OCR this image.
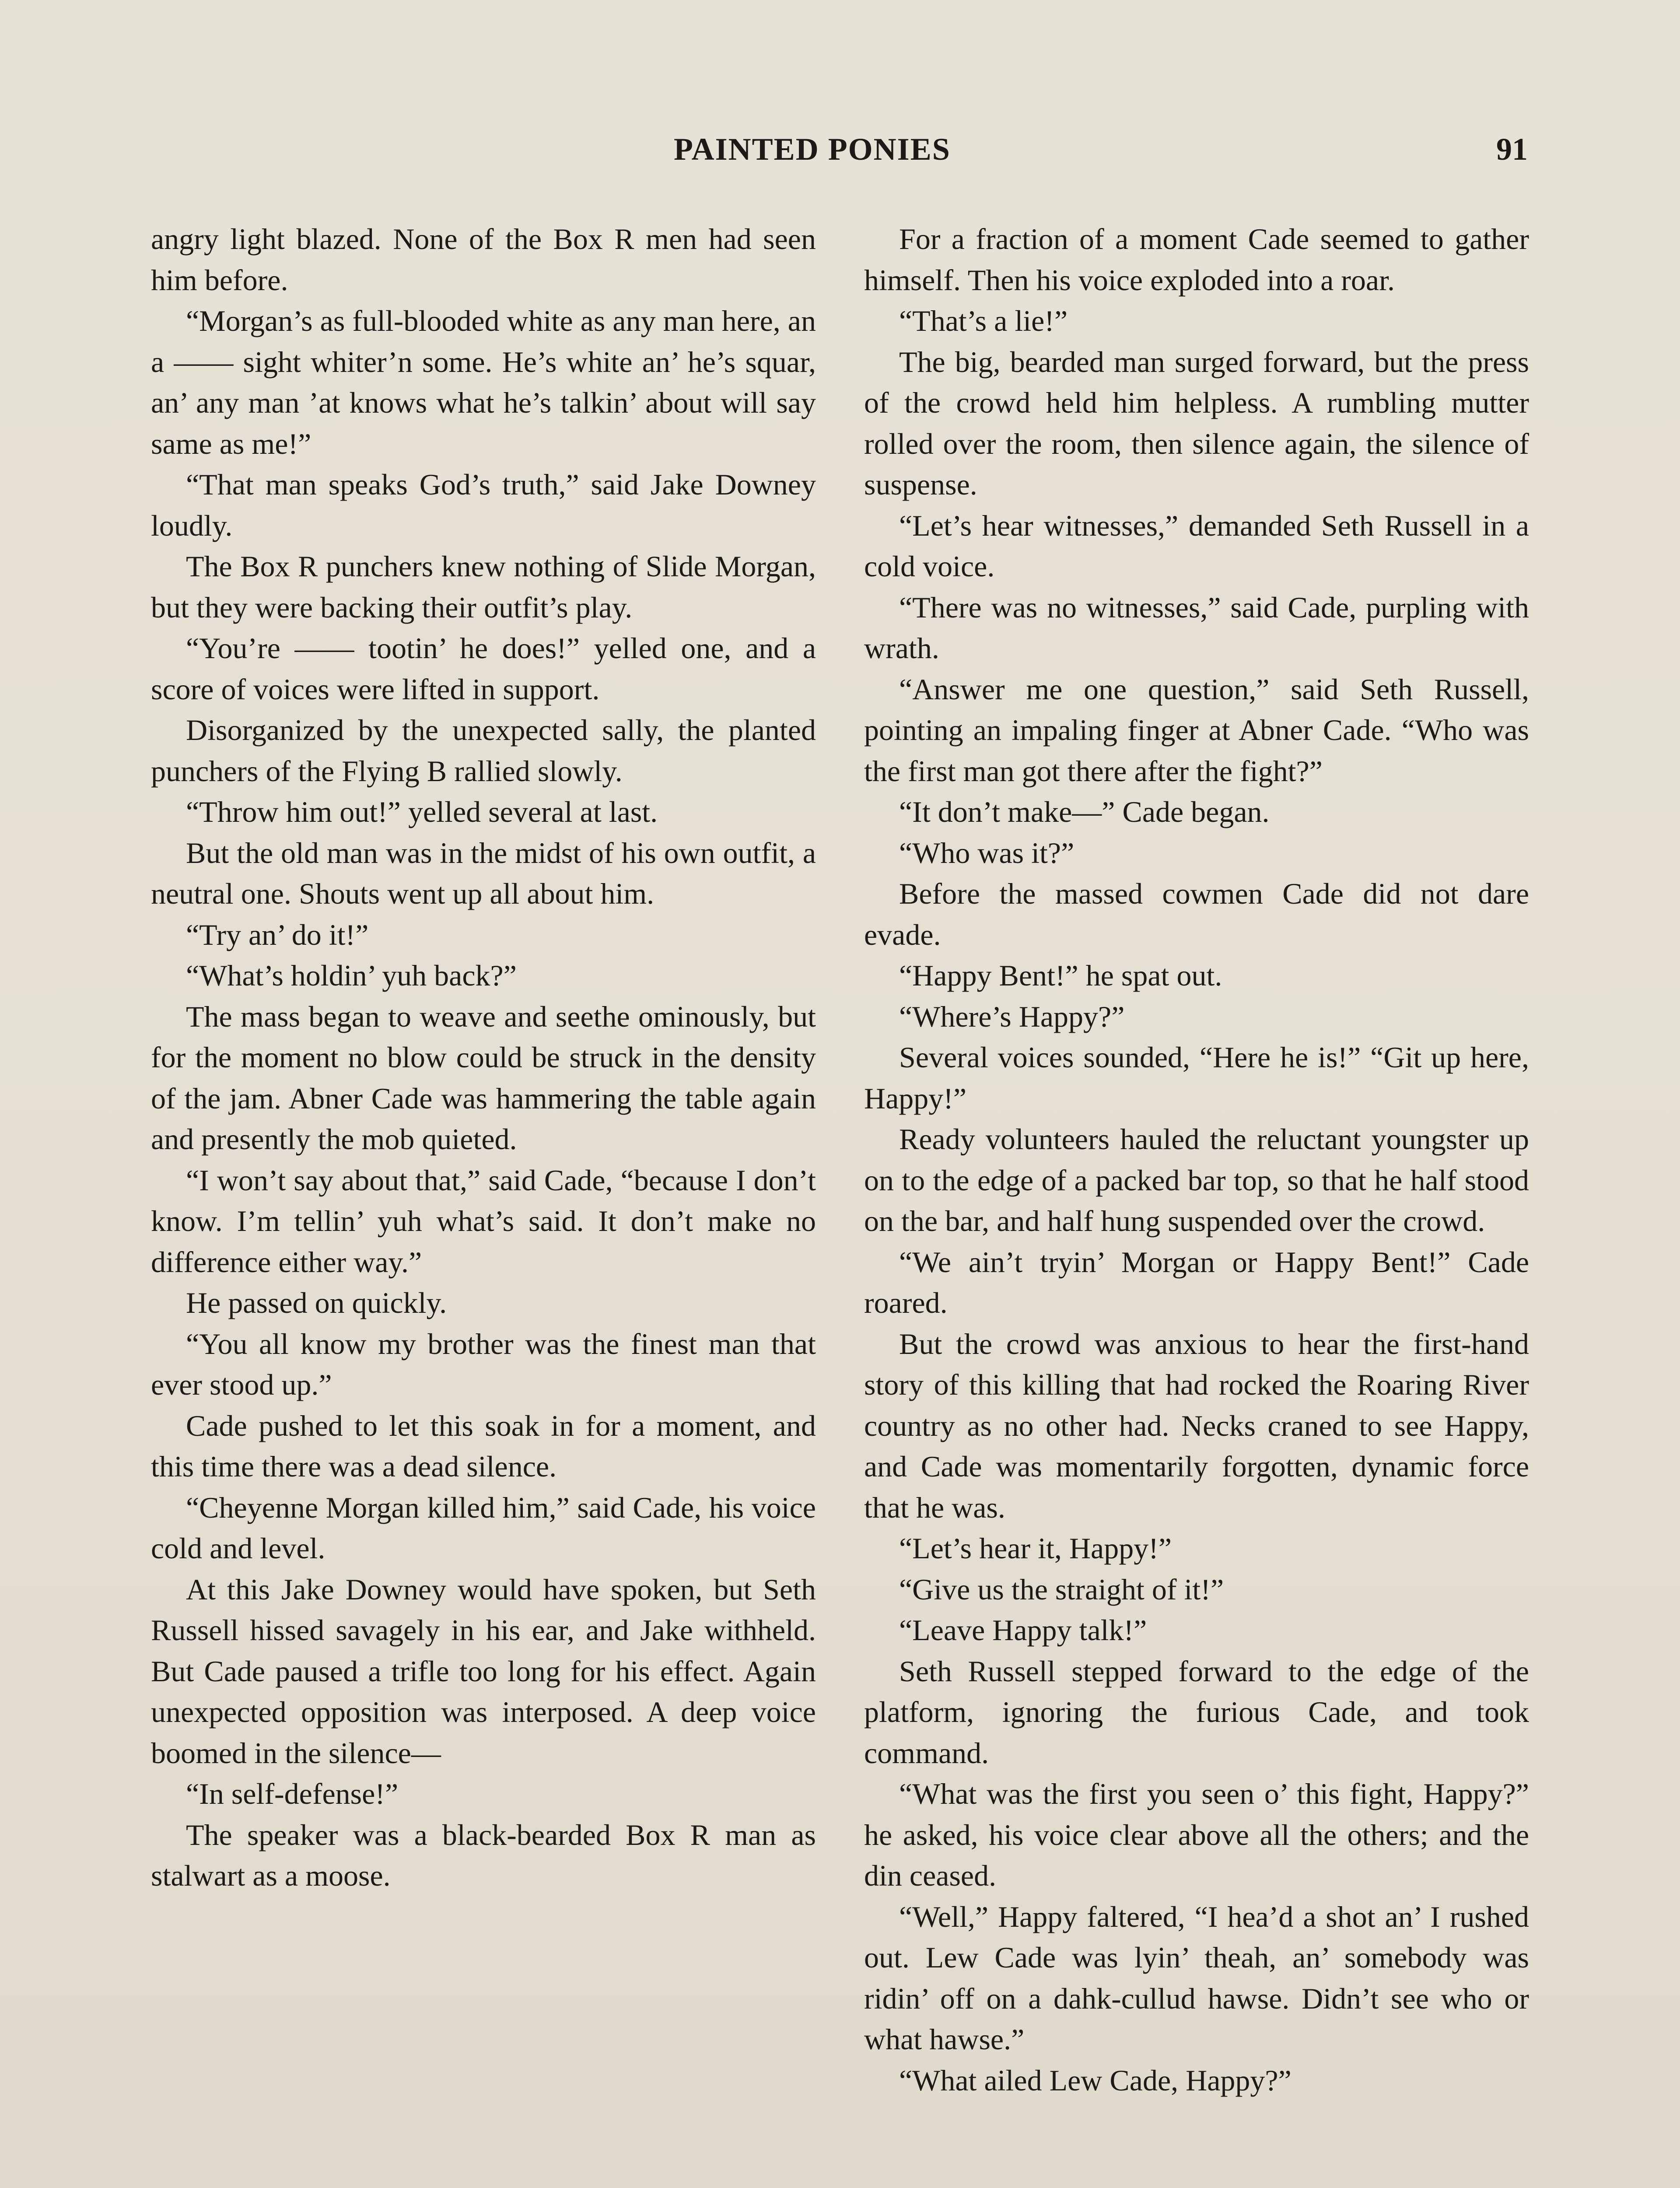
PAINTED PONIES	91

angry light blazed. None of the Box R men had seen him before.

“Morgan’s as full-blooded white as any man here, an a —— sight whiter’n some. He’s white an’ he’s squar, an’ any man ’at knows what he’s talkin’ about will say same as me!”

“That man speaks God’s truth,” said Jake Downey loudly.

The Box R punchers knew nothing of Slide Morgan, but they were backing their outfit’s play.

“You’re —— tootin’ he does!” yelled one, and a score of voices were lifted in support.

Disorganized by the unexpected sally, the planted punchers of the Flying B rallied slowly.

“Throw him out!” yelled several at last.

But the old man was in the midst of his own outfit, a neutral one. Shouts went up all about him.

“Try an’ do it!”

“What’s holdin’ yuh back?”

The mass began to weave and seethe ominously, but for the moment no blow could be struck in the density of the jam. Abner Cade was hammering the table again and presently the mob quieted.

“I won’t say about that,” said Cade, “because I don’t know. I’m tellin’ yuh what’s said. It don’t make no difference either way.”

He passed on quickly.

“You all know my brother was the finest man that ever stood up.”

Cade pushed to let this soak in for a moment, and this time there was a dead silence.

“Cheyenne Morgan killed him,” said Cade, his voice cold and level.

At this Jake Downey would have spoken, but Seth Russell hissed savagely in his ear, and Jake withheld. But Cade paused a trifle too long for his effect. Again unexpected opposition was interposed. A deep voice boomed in the silence—

“In self-defense!”

The speaker was a black-bearded Box R man as stalwart as a moose.

For a fraction of a moment Cade seemed to gather himself. Then his voice exploded into a roar.

“That’s a lie!”

The big, bearded man surged forward, but the press of the crowd held him helpless. A rumbling mutter rolled over the room, then silence again, the silence of suspense.

“Let’s hear witnesses,” demanded Seth Russell in a cold voice.

“There was no witnesses,” said Cade, purpling with wrath.

“Answer me one question,” said Seth Russell, pointing an impaling finger at Abner Cade. “Who was the first man got there after the fight?”

“It don’t make—” Cade began.

“Who was it?”

Before the massed cowmen Cade did not dare evade.

“Happy Bent!” he spat out.

“Where’s Happy?”

Several voices sounded, “Here he is!” “Git up here, Happy!”

Ready volunteers hauled the reluctant youngster up on to the edge of a packed bar top, so that he half stood on the bar, and half hung suspended over the crowd.

“We ain’t tryin’ Morgan or Happy Bent!” Cade roared.

But the crowd was anxious to hear the first-hand story of this killing that had rocked the Roaring River country as no other had. Necks craned to see Happy, and Cade was momentarily forgotten, dynamic force that he was.

“Let’s hear it, Happy!”

“Give us the straight of it!”

“Leave Happy talk!”

Seth Russell stepped forward to the edge of the platform, ignoring the furious Cade, and took command.

“What was the first you seen o’ this fight, Happy?” he asked, his voice clear above all the others; and the din ceased.

“Well,” Happy faltered, “I hea’d a shot an’ I rushed out. Lew Cade was lyin’ theah, an’ somebody was ridin’ off on a dahk-cullud hawse. Didn’t see who or what hawse.”

“What ailed Lew Cade, Happy?”
